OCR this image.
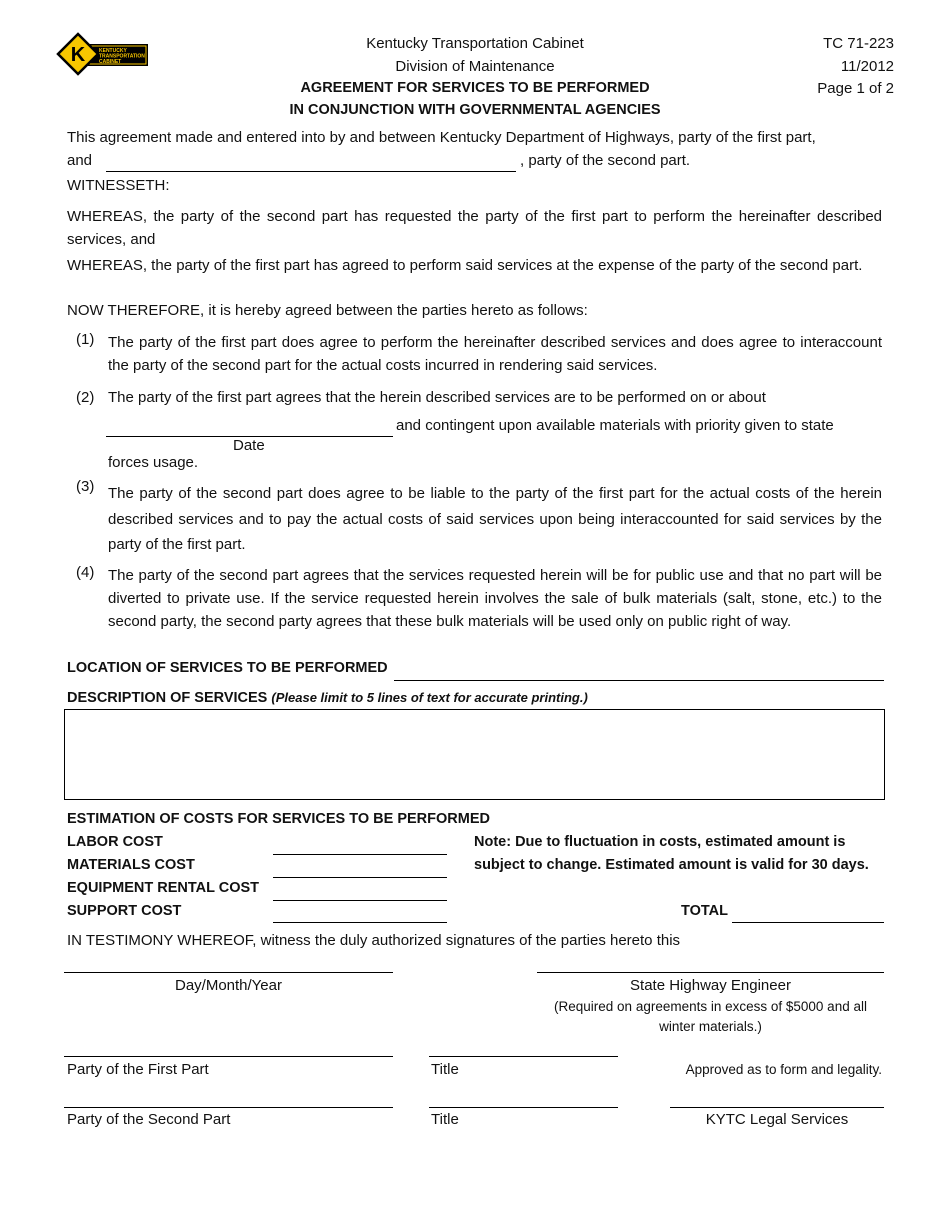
K	KENTUCKY
TRANSPORTATION
CABINET
Kentucky Transportation Cabinet
Division of Maintenance
AGREEMENT FOR SERVICES TO BE PERFORMED
IN CONJUNCTION WITH GOVERNMENTAL AGENCIES
TC 71-223
11/2012
Page 1 of 2
This agreement made and entered into by and between Kentucky Department of Highways, party of the first part,
and	, party of the second part.
WITNESSETH:
WHEREAS, the party of the second part has requested the party of the first part to perform the hereinafter described services, and
WHEREAS, the party of the first part has agreed to perform said services at the expense of the party of the second part.
NOW THEREFORE, it is hereby agreed between the parties hereto as follows:
(1) The party of the first part does agree to perform the hereinafter described services and does agree to interaccount the party of the second part for the actual costs incurred in rendering said services.
(2) The party of the first part agrees that the herein described services are to be performed on or about
and contingent upon available materials with priority given to state
Date
forces usage.
(3) The party of the second part does agree to be liable to the party of the first part for the actual costs of the herein described services and to pay the actual costs of said services upon being interaccounted for said services by the party of the first part.
(4) The party of the second part agrees that the services requested herein will be for public use and that no part will be diverted to private use. If the service requested herein involves the sale of bulk materials (salt, stone, etc.) to the second party, the second party agrees that these bulk materials will be used only on public right of way.
LOCATION OF SERVICES TO BE PERFORMED
DESCRIPTION OF SERVICES (Please limit to 5 lines of text for accurate printing.)
ESTIMATION OF COSTS FOR SERVICES TO BE PERFORMED
LABOR COST
MATERIALS COST
EQUIPMENT RENTAL COST
SUPPORT COST
Note: Due to fluctuation in costs, estimated amount is
subject to change. Estimated amount is valid for 30 days.
TOTAL
IN TESTIMONY WHEREOF, witness the duly authorized signatures of the parties hereto this
Day/Month/Year	State Highway Engineer
(Required on agreements in excess of $5000 and all
winter materials.)
Party of the First Part	Title	Approved as to form and legality.
Party of the Second Part	Title	KYTC Legal Services
